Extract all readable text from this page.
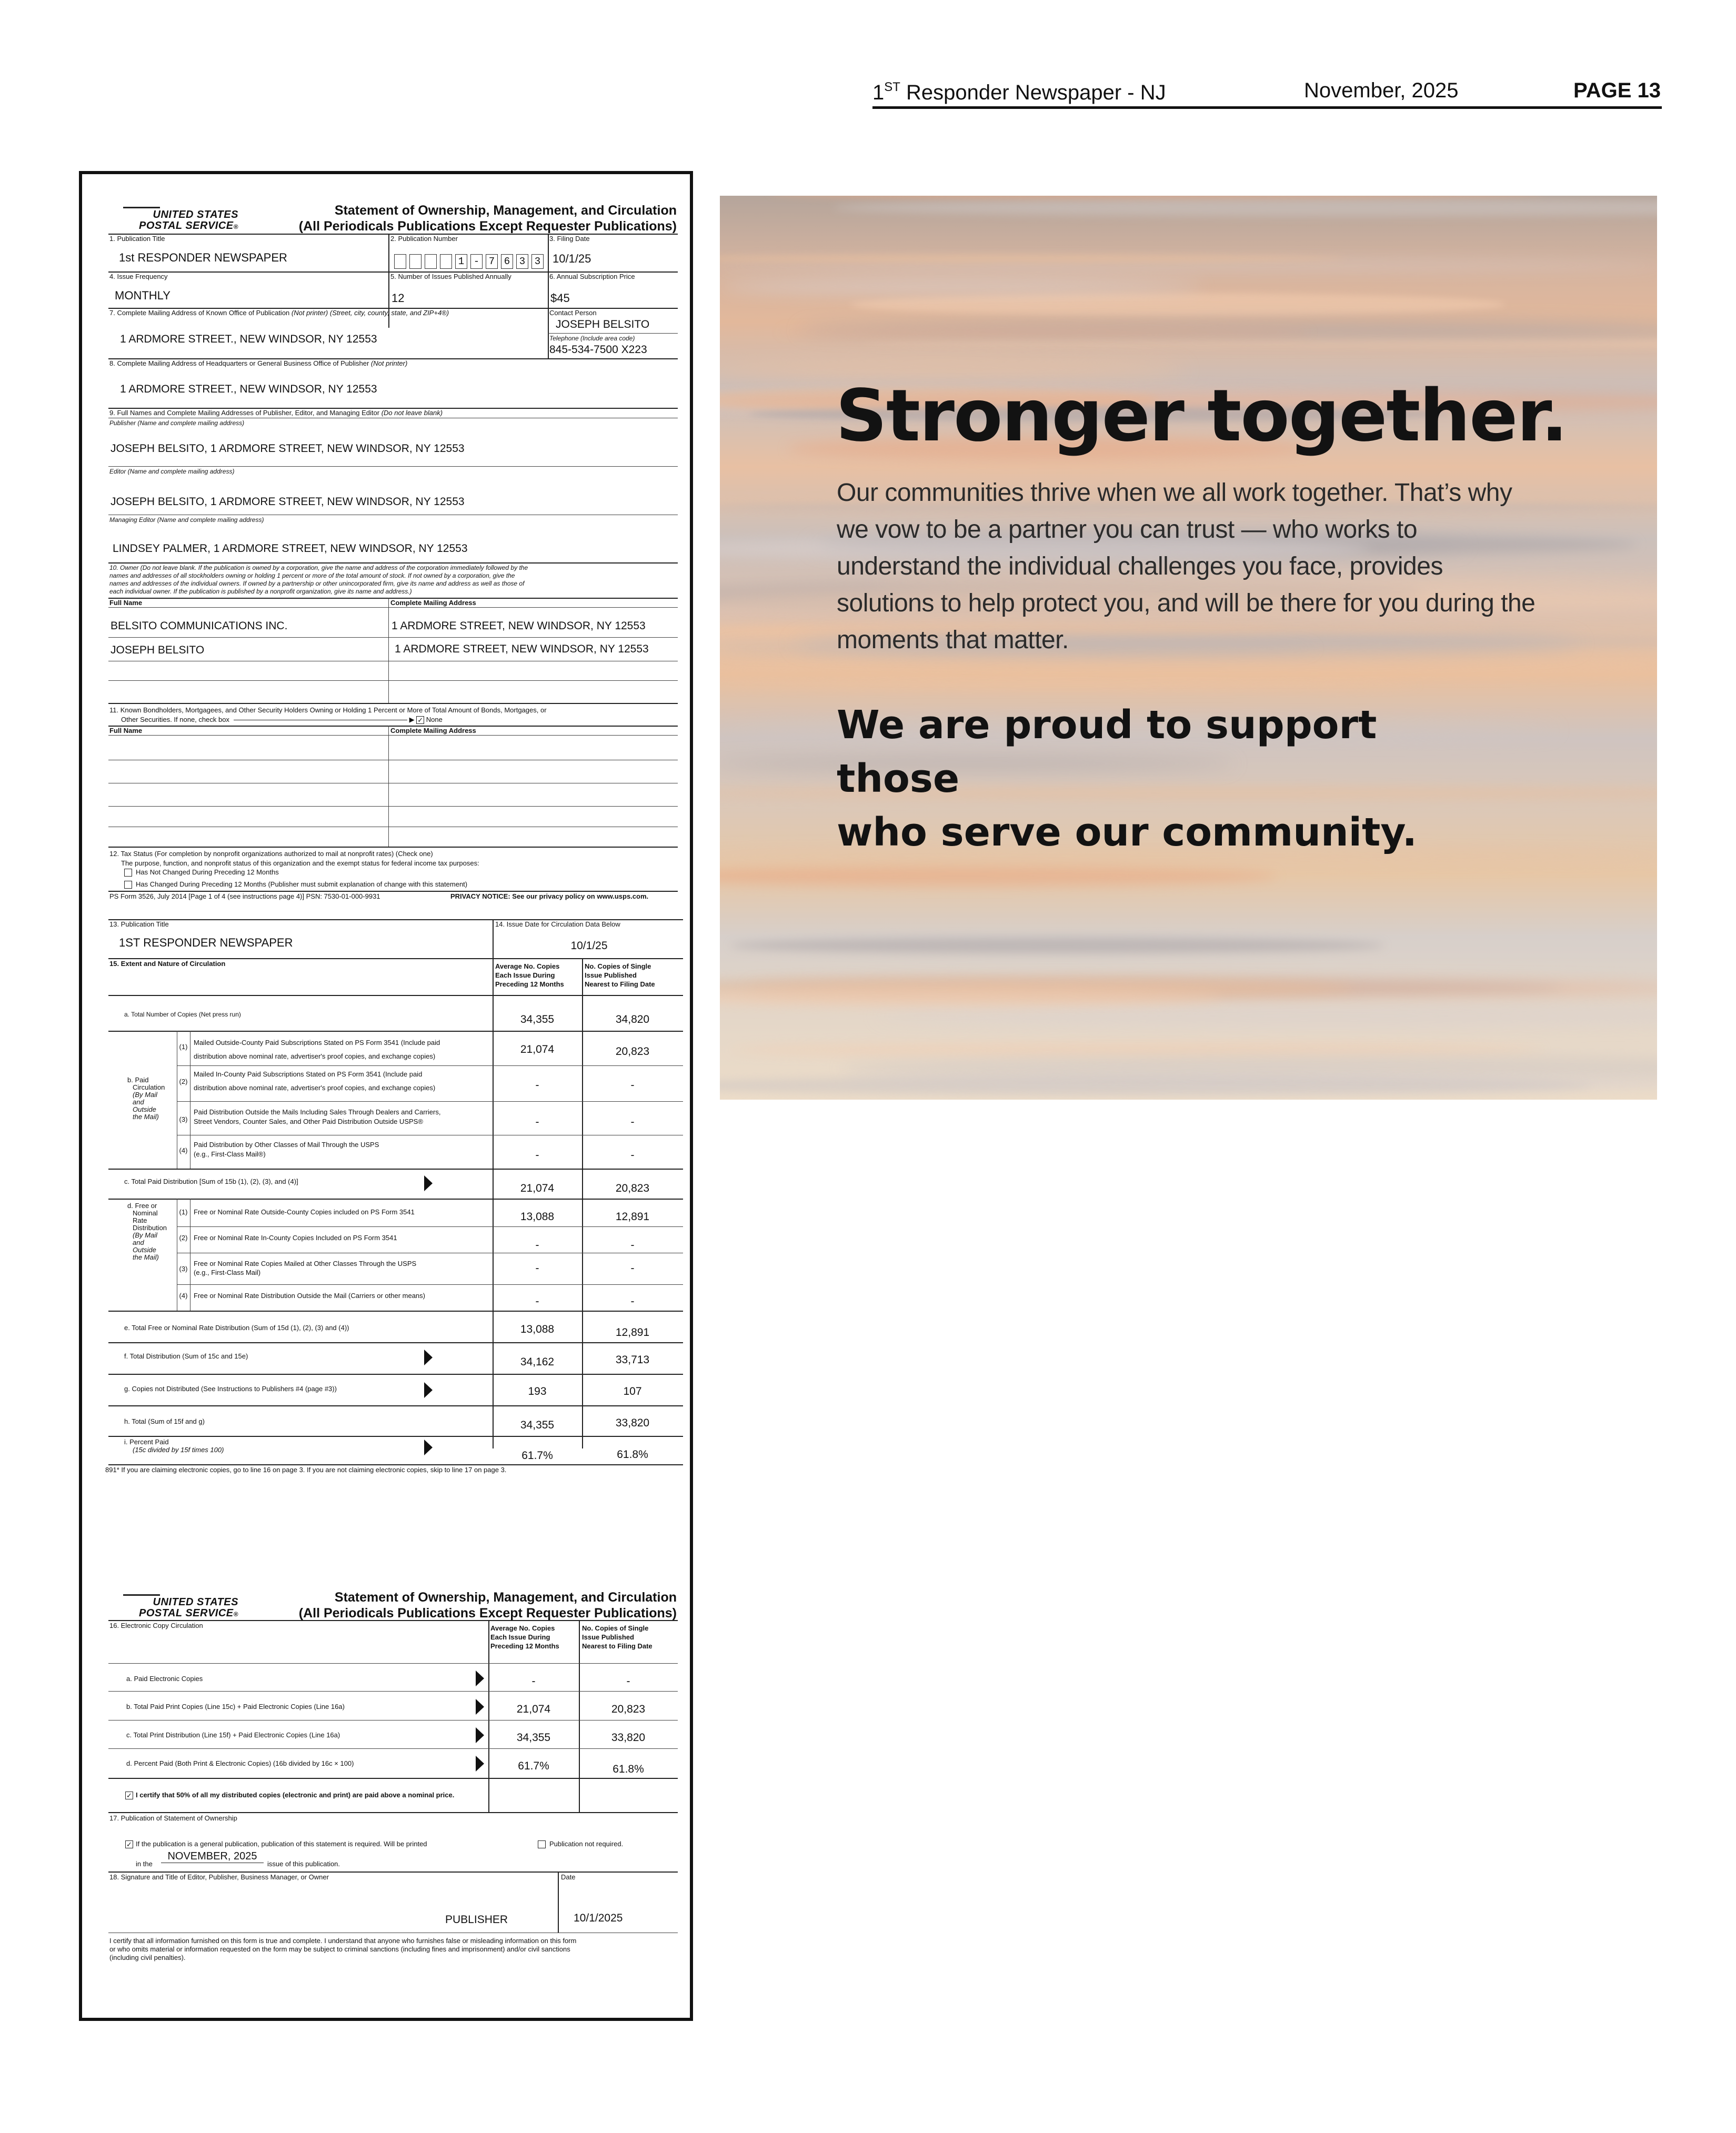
1ST Responder Newspaper - NJ	November, 2025	PAGE 13
UNITED STATES
POSTAL SERVICE®
Statement of Ownership, Management, and Circulation
(All Periodicals Publications Except Requester Publications)
1. Publication Title
1st RESPONDER NEWSPAPER
2. Publication Number
1 - 7 6 3 3
3. Filing Date
10/1/25
4. Issue Frequency
MONTHLY
5. Number of Issues Published Annually
12
6. Annual Subscription Price
$45
7. Complete Mailing Address of Known Office of Publication (Not printer) (Street, city, county, state, and ZIP+4®)
1 ARDMORE STREET., NEW WINDSOR, NY 12553
Contact Person
JOSEPH BELSITO
Telephone (Include area code)
845-534-7500 X223
8. Complete Mailing Address of Headquarters or General Business Office of Publisher (Not printer)
1 ARDMORE STREET., NEW WINDSOR, NY 12553
9. Full Names and Complete Mailing Addresses of Publisher, Editor, and Managing Editor (Do not leave blank)
Publisher (Name and complete mailing address)
JOSEPH BELSITO, 1 ARDMORE STREET, NEW WINDSOR, NY 12553
Editor (Name and complete mailing address)
JOSEPH BELSITO, 1 ARDMORE STREET, NEW WINDSOR, NY 12553
Managing Editor (Name and complete mailing address)
LINDSEY PALMER, 1 ARDMORE STREET, NEW WINDSOR, NY 12553
10. Owner (Do not leave blank. If the publication is owned by a corporation, give the name and address of the corporation immediately followed by the
names and addresses of all stockholders owning or holding 1 percent or more of the total amount of stock. If not owned by a corporation, give the
names and addresses of the individual owners. If owned by a partnership or other unincorporated firm, give its name and address as well as those of
each individual owner. If the publication is published by a nonprofit organization, give its name and address.)
Full Name	Complete Mailing Address
BELSITO COMMUNICATIONS INC.	1 ARDMORE STREET, NEW WINDSOR, NY 12553
JOSEPH BELSITO	1 ARDMORE STREET, NEW WINDSOR, NY 12553
11. Known Bondholders, Mortgagees, and Other Security Holders Owning or Holding 1 Percent or More of Total Amount of Bonds, Mortgages, or
Other Securities. If none, check box	▶ ✓ None
Full Name	Complete Mailing Address
12. Tax Status (For completion by nonprofit organizations authorized to mail at nonprofit rates) (Check one)
The purpose, function, and nonprofit status of this organization and the exempt status for federal income tax purposes:
Has Not Changed During Preceding 12 Months
Has Changed During Preceding 12 Months (Publisher must submit explanation of change with this statement)
PS Form 3526, July 2014 [Page 1 of 4 (see instructions page 4)] PSN: 7530-01-000-9931	PRIVACY NOTICE: See our privacy policy on www.usps.com.
13. Publication Title
1ST RESPONDER NEWSPAPER
14. Issue Date for Circulation Data Below
10/1/25
15. Extent and Nature of Circulation	Average No. Copies
Each Issue During
Preceding 12 Months
No. Copies of Single
Issue Published
Nearest to Filing Date
a. Total Number of Copies (Net press run)	34,355	34,820
b. Paid
Circulation
(By Mail
and
Outside
the Mail)
(1)
Mailed Outside-County Paid Subscriptions Stated on PS Form 3541 (Include paid
distribution above nominal rate, advertiser's proof copies, and exchange copies)
21,074	20,823
(2)
Mailed In-County Paid Subscriptions Stated on PS Form 3541 (Include paid
distribution above nominal rate, advertiser's proof copies, and exchange copies)	-	-
(3)
Paid Distribution Outside the Mails Including Sales Through Dealers and Carriers,
Street Vendors, Counter Sales, and Other Paid Distribution Outside USPS®	-	-
(4)
Paid Distribution by Other Classes of Mail Through the USPS
(e.g., First-Class Mail®)	-	-
c. Total Paid Distribution [Sum of 15b (1), (2), (3), and (4)]
21,074	20,823
d. Free or
Nominal
Rate
Distribution
(By Mail
and
Outside
the Mail)
(1) Free or Nominal Rate Outside-County Copies included on PS Form 3541	13,088	12,891
(2) Free or Nominal Rate In-County Copies Included on PS Form 3541
-	-
(3)
Free or Nominal Rate Copies Mailed at Other Classes Through the USPS
(e.g., First-Class Mail)	-	-
(4) Free or Nominal Rate Distribution Outside the Mail (Carriers or other means)	-	-
e. Total Free or Nominal Rate Distribution (Sum of 15d (1), (2), (3) and (4))	13,088	12,891
f. Total Distribution (Sum of 15c and 15e)	34,162	33,713
g. Copies not Distributed (See Instructions to Publishers #4 (page #3))	193	107
h. Total (Sum of 15f and g)	34,355	33,820
i. Percent Paid
(15c divided by 15f times 100)	61.7%	61.8%
891* If you are claiming electronic copies, go to line 16 on page 3. If you are not claiming electronic copies, skip to line 17 on page 3.
UNITED STATES
POSTAL SERVICE®
Statement of Ownership, Management, and Circulation
(All Periodicals Publications Except Requester Publications)
16. Electronic Copy Circulation	Average No. Copies
Each Issue During
Preceding 12 Months
No. Copies of Single
Issue Published
Nearest to Filing Date
a. Paid Electronic Copies	-	-
b. Total Paid Print Copies (Line 15c) + Paid Electronic Copies (Line 16a)	21,074	20,823
c. Total Print Distribution (Line 15f) + Paid Electronic Copies (Line 16a)	34,355	33,820
d. Percent Paid (Both Print & Electronic Copies) (16b divided by 16c × 100)	61.7%	61.8%
✓ I certify that 50% of all my distributed copies (electronic and print) are paid above a nominal price.
17. Publication of Statement of Ownership
✓ If the publication is a general publication, publication of this statement is required. Will be printed	Publication not required.
in the
NOVEMBER, 2025
issue of this publication.
18. Signature and Title of Editor, Publisher, Business Manager, or Owner	Date
PUBLISHER	10/1/2025
I certify that all information furnished on this form is true and complete. I understand that anyone who furnishes false or misleading information on this form
or who omits material or information requested on the form may be subject to criminal sanctions (including fines and imprisonment) and/or civil sanctions
(including civil penalties).
Stronger together.
Our communities thrive when we all work together. That’s why we vow to be a partner you can trust — who works to understand the individual challenges you face, provides solutions to help protect you, and will be there for you during the moments that matter.
We are proud to support those
who serve our community.
